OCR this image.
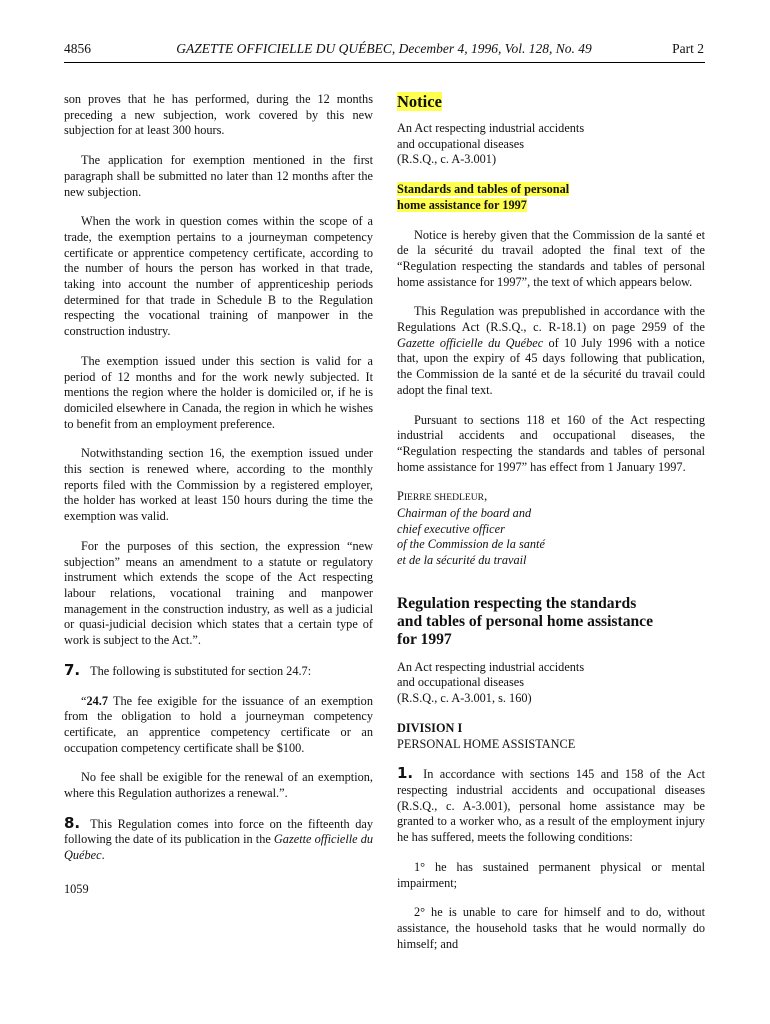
4856	GAZETTE OFFICIELLE DU QUÉBEC, December 4, 1996, Vol. 128, No. 49	Part 2

son proves that he has performed, during the 12 months preceding a new subjection, work covered by this new subjection for at least 300 hours.

The application for exemption mentioned in the first paragraph shall be submitted no later than 12 months after the new subjection.

When the work in question comes within the scope of a trade, the exemption pertains to a journeyman competency certificate or apprentice competency certificate, according to the number of hours the person has worked in that trade, taking into account the number of apprenticeship periods determined for that trade in Schedule B to the Regulation respecting the vocational training of manpower in the construction industry.

The exemption issued under this section is valid for a period of 12 months and for the work newly subjected. It mentions the region where the holder is domiciled or, if he is domiciled elsewhere in Canada, the region in which he wishes to benefit from an employment preference.

Notwithstanding section 16, the exemption issued under this section is renewed where, according to the monthly reports filed with the Commission by a registered employer, the holder has worked at least 150 hours during the time the exemption was valid.

For the purposes of this section, the expression “new subjection” means an amendment to a statute or regulatory instrument which extends the scope of the Act respecting labour relations, vocational training and manpower management in the construction industry, as well as a judicial or quasi-judicial decision which states that a certain type of work is subject to the Act.”.

7. The following is substituted for section 24.7:

“24.7 The fee exigible for the issuance of an exemption from the obligation to hold a journeyman competency certificate, an apprentice competency certificate or an occupation competency certificate shall be $100.

No fee shall be exigible for the renewal of an exemption, where this Regulation authorizes a renewal.”.

8. This Regulation comes into force on the fifteenth day following the date of its publication in the Gazette officielle du Québec.

1059

Notice

An Act respecting industrial accidents
and occupational diseases
(R.S.Q., c. A-3.001)

Standards and tables of personal
home assistance for 1997

Notice is hereby given that the Commission de la santé et de la sécurité du travail adopted the final text of the “Regulation respecting the standards and tables of personal home assistance for 1997”, the text of which appears below.

This Regulation was prepublished in accordance with the Regulations Act (R.S.Q., c. R-18.1) on page 2959 of the Gazette officielle du Québec of 10 July 1996 with a notice that, upon the expiry of 45 days following that publication, the Commission de la santé et de la sécurité du travail could adopt the final text.

Pursuant to sections 118 et 160 of the Act respecting industrial accidents and occupational diseases, the “Regulation respecting the standards and tables of personal home assistance for 1997” has effect from 1 January 1997.

PIERRE SHEDLEUR,
Chairman of the board and
chief executive officer
of the Commission de la santé
et de la sécurité du travail
Regulation respecting the standards
and tables of personal home assistance
for 1997

An Act respecting industrial accidents
and occupational diseases
(R.S.Q., c. A-3.001, s. 160)

DIVISION I
PERSONAL HOME ASSISTANCE

1. In accordance with sections 145 and 158 of the Act respecting industrial accidents and occupational diseases (R.S.Q., c. A-3.001), personal home assistance may be granted to a worker who, as a result of the employment injury he has suffered, meets the following conditions:

1° he has sustained permanent physical or mental impairment;

2° he is unable to care for himself and to do, without assistance, the household tasks that he would normally do himself; and
